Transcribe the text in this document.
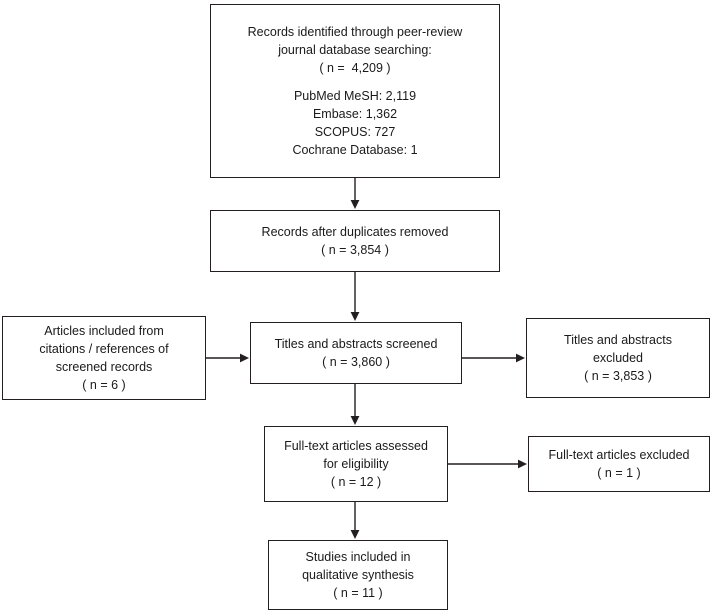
Records identified through peer-review
journal database searching:
( n =  4,209 )
PubMed MeSH: 2,119
Embase: 1,362
SCOPUS: 727
Cochrane Database: 1
Records after duplicates removed
( n = 3,854 )
Articles included from
citations / references of
screened records
( n = 6 )
Titles and abstracts screened
( n = 3,860 )
Titles and abstracts
excluded
( n = 3,853 )
Full-text articles assessed
for eligibility
( n = 12 )
Full-text articles excluded
( n = 1 )
Studies included in
qualitative synthesis
( n = 11 )
